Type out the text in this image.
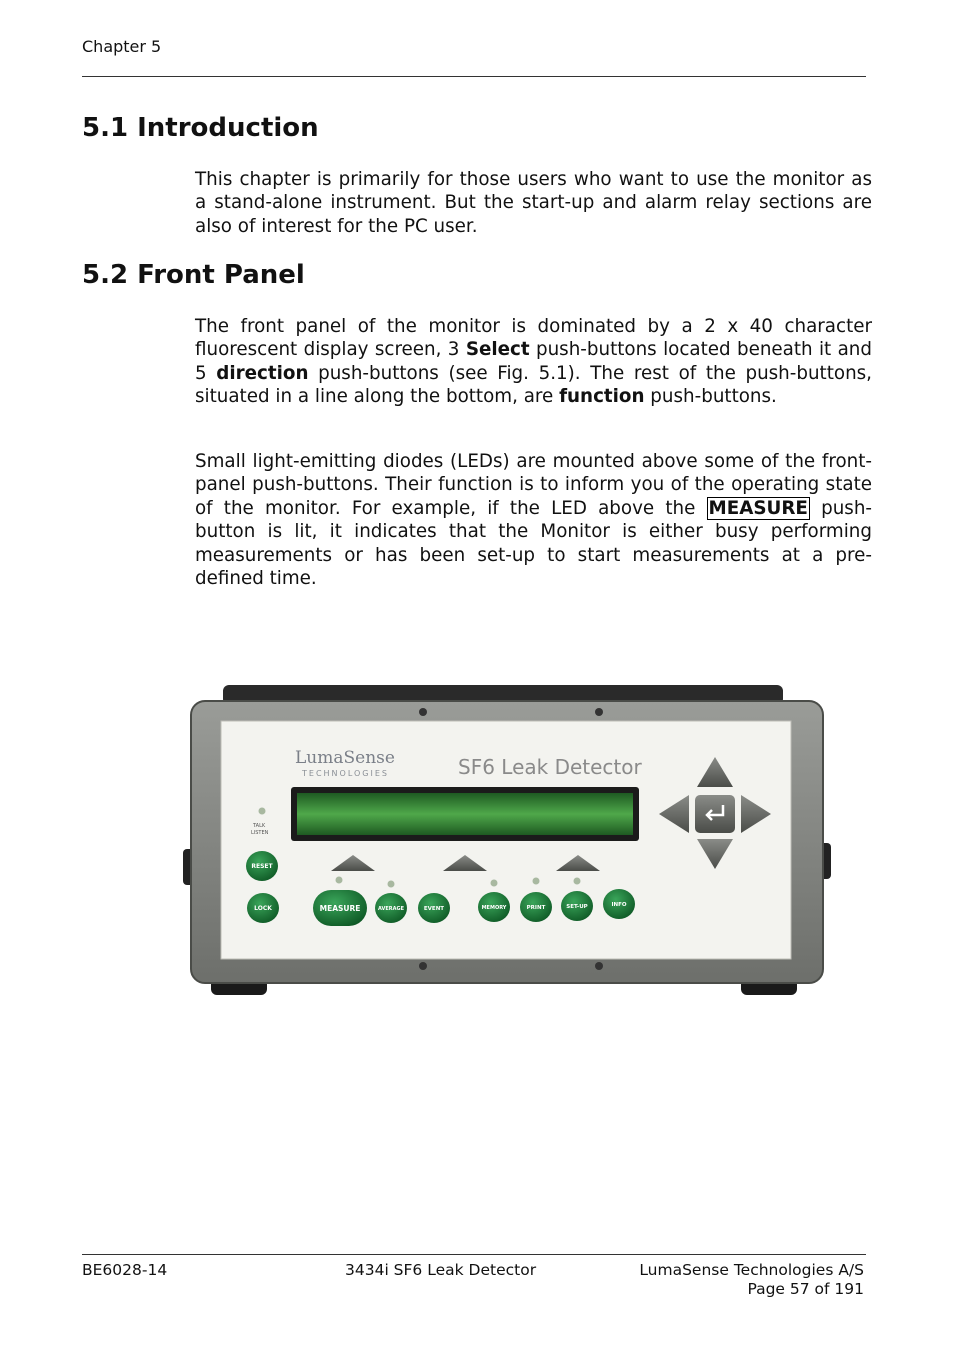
Chapter 5
5.1 Introduction

This chapter is primarily for those users who want to use the monitor as a stand-alone instrument. But the start-up and alarm relay sections are also of interest for the PC user.

5.2 Front Panel

The front panel of the monitor is dominated by a 2 x 40 character fluorescent display screen, 3 Select push-buttons located beneath it and 5 direction push-buttons (see Fig. 5.1). The rest of the push-buttons, situated in a line along the bottom, are function push-buttons.

Small light-emitting diodes (LEDs) are mounted above some of the front-panel push-buttons. Their function is to inform you of the operating state of the monitor. For example, if the LED above the MEASURE push-button is lit, it indicates that the Monitor is either busy performing measurements or has been set-up to start measurements at a pre-defined time.

LumaSense
TECHNOLOGIES	SF6 Leak Detector
TALK
LISTEN
RESET
LOCK	MEASURE	AVERAGE	EVENT	MEMORY	PRINT	SET-UP	INFO
BE6028-14	3434i SF6 Leak Detector	LumaSense Technologies A/S
Page 57 of 191
